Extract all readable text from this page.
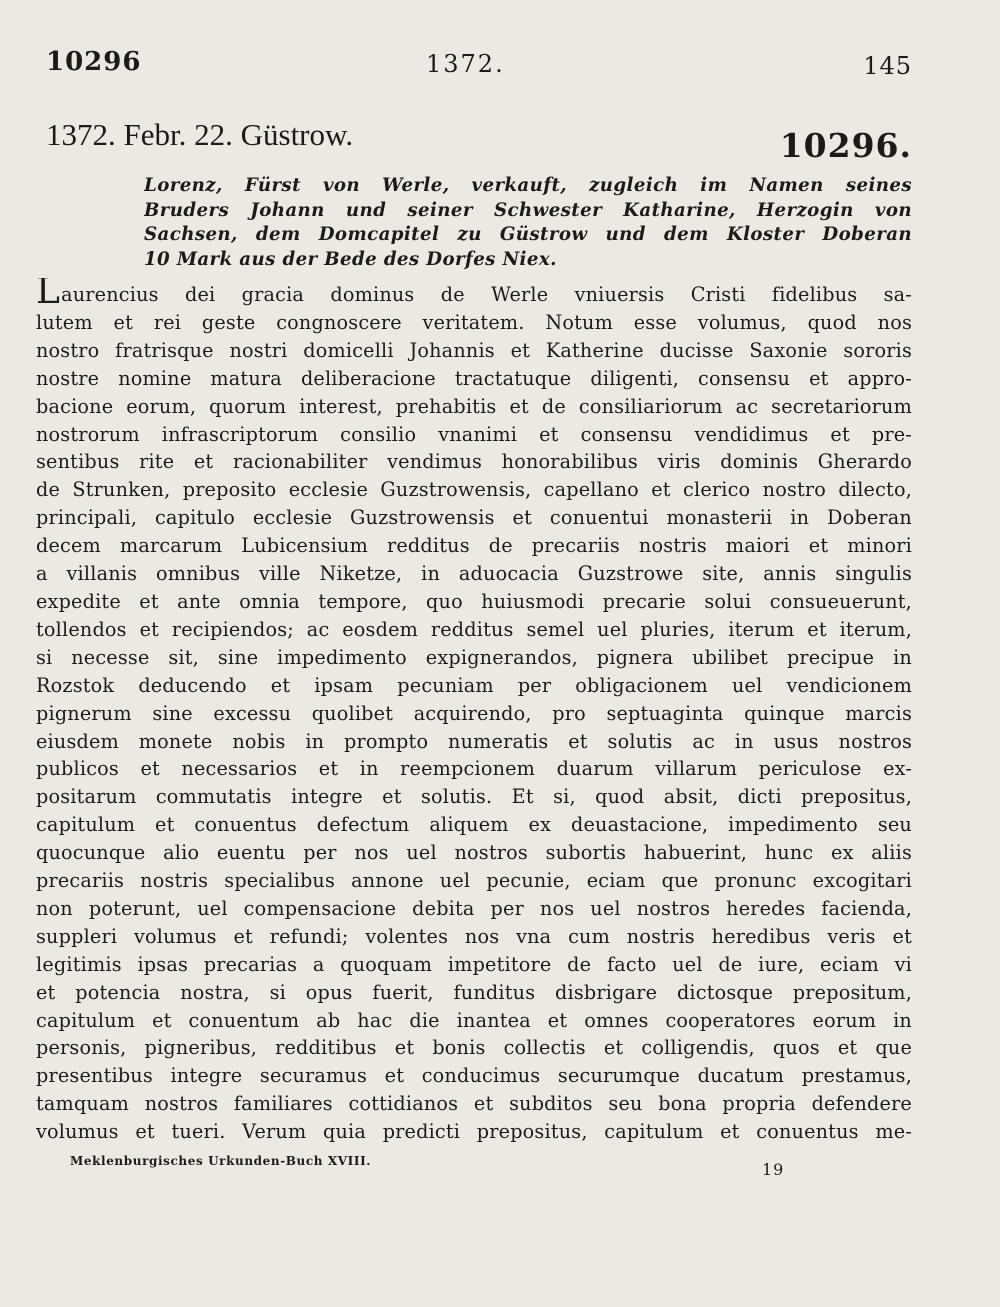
10296	1372.	145
1372. Febr. 22. Güstrow.	10296.
Lorenz, Fürst von Werle, verkauft, zugleich im Namen seines
Bruders Johann und seiner Schwester Katharine, Herzogin von
Sachsen, dem Domcapitel zu Güstrow und dem Kloster Doberan
10 Mark aus der Bede des Dorfes Niex.
Laurencius dei gracia dominus de Werle vniuersis Cristi fidelibus sa-
lutem et rei geste congnoscere veritatem. Notum esse volumus, quod nos
nostro fratrisque nostri domicelli Johannis et Katherine ducisse Saxonie sororis
nostre nomine matura deliberacione tractatuque diligenti, consensu et appro-
bacione eorum, quorum interest, prehabitis et de consiliariorum ac secretariorum
nostrorum infrascriptorum consilio vnanimi et consensu vendidimus et pre-
sentibus rite et racionabiliter vendimus honorabilibus viris dominis Gherardo
de Strunken, preposito ecclesie Guzstrowensis, capellano et clerico nostro dilecto,
principali, capitulo ecclesie Guzstrowensis et conuentui monasterii in Doberan
decem marcarum Lubicensium redditus de precariis nostris maiori et minori
a villanis omnibus ville Niketze, in aduocacia Guzstrowe site, annis singulis
expedite et ante omnia tempore, quo huiusmodi precarie solui consueuerunt,
tollendos et recipiendos; ac eosdem redditus semel uel pluries, iterum et iterum,
si necesse sit, sine impedimento expignerandos, pignera ubilibet precipue in
Rozstok deducendo et ipsam pecuniam per obligacionem uel vendicionem
pignerum sine excessu quolibet acquirendo, pro septuaginta quinque marcis
eiusdem monete nobis in prompto numeratis et solutis ac in usus nostros
publicos et necessarios et in reempcionem duarum villarum periculose ex-
positarum commutatis integre et solutis. Et si, quod absit, dicti prepositus,
capitulum et conuentus defectum aliquem ex deuastacione, impedimento seu
quocunque alio euentu per nos uel nostros subortis habuerint, hunc ex aliis
precariis nostris specialibus annone uel pecunie, eciam que pronunc excogitari
non poterunt, uel compensacione debita per nos uel nostros heredes facienda,
suppleri volumus et refundi; volentes nos vna cum nostris heredibus veris et
legitimis ipsas precarias a quoquam impetitore de facto uel de iure, eciam vi
et potencia nostra, si opus fuerit, funditus disbrigare dictosque prepositum,
capitulum et conuentum ab hac die inantea et omnes cooperatores eorum in
personis, pigneribus, redditibus et bonis collectis et colligendis, quos et que
presentibus integre securamus et conducimus securumque ducatum prestamus,
tamquam nostros familiares cottidianos et subditos seu bona propria defendere
volumus et tueri. Verum quia predicti prepositus, capitulum et conuentus me-
Meklenburgisches Urkunden-Buch XVIII.	19
